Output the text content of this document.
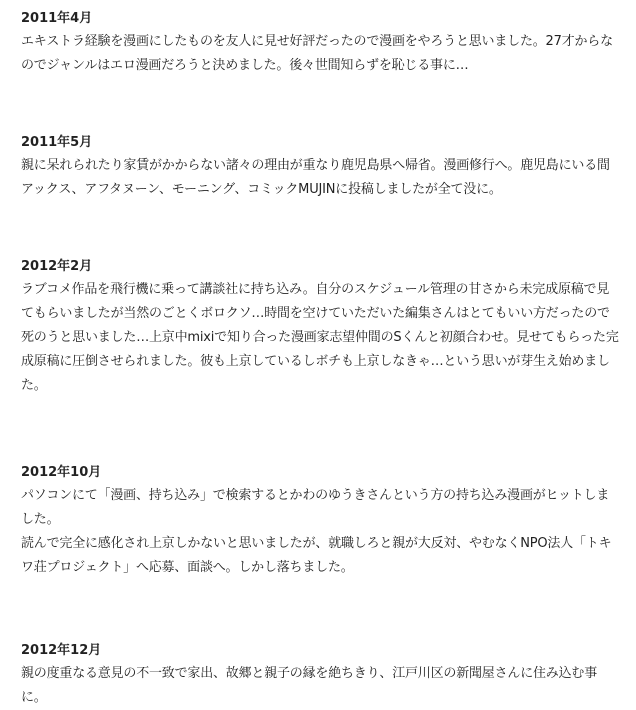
2011年4月

エキストラ経験を漫画にしたものを友人に見せ好評だったので漫画をやろうと思いました。27才からなのでジャンルはエロ漫画だろうと決めました。後々世間知らずを恥じる事に…

2011年5月

親に呆れられたり家賃がかからない諸々の理由が重なり鹿児島県へ帰省。漫画修行へ。鹿児島にいる間アックス、アフタヌーン、モーニング、コミックMUJINに投稿しましたが全て没に。

2012年2月

ラブコメ作品を飛行機に乗って講談社に持ち込み。自分のスケジュール管理の甘さから未完成原稿で見てもらいましたが当然のごとくボロクソ…時間を空けていただいた編集さんはとてもいい方だったので死のうと思いました…上京中mixiで知り合った漫画家志望仲間のSくんと初顔合わせ。見せてもらった完成原稿に圧倒させられました。彼も上京しているしボチも上京しなきゃ…という思いが芽生え始めました。

2012年10月

パソコンにて「漫画、持ち込み」で検索するとかわのゆうきさんという方の持ち込み漫画がヒットしました。

読んで完全に感化され上京しかないと思いましたが、就職しろと親が大反対、やむなくNPO法人「トキワ荘プロジェクト」へ応募、面談へ。しかし落ちました。

2012年12月

親の度重なる意見の不一致で家出、故郷と親子の縁を絶ちきり、江戸川区の新聞屋さんに住み込む事に。
